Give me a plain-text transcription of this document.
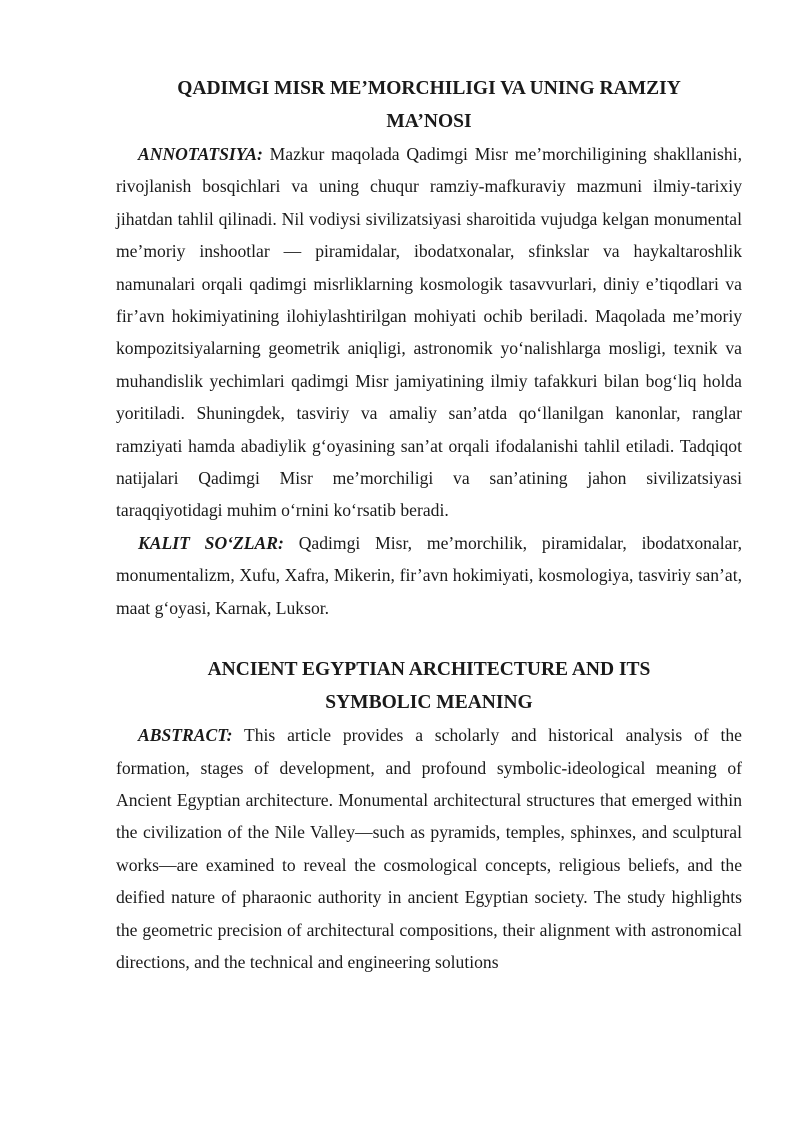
QADIMGI MISR ME’MORCHILIGI VA UNING RAMZIY
MA’NOSI

ANNOTATSIYA: Mazkur maqolada Qadimgi Misr me’morchiligining shakllanishi, rivojlanish bosqichlari va uning chuqur ramziy-mafkuraviy mazmuni ilmiy-tarixiy jihatdan tahlil qilinadi. Nil vodiysi sivilizatsiyasi sharoitida vujudga kelgan monumental me’moriy inshootlar — piramidalar, ibodatxonalar, sfinkslar va haykaltaroshlik namunalari orqali qadimgi misrliklarning kosmologik tasavvurlari, diniy e’tiqodlari va fir’avn hokimiyatining ilohiylashtirilgan mohiyati ochib beriladi. Maqolada me’moriy kompozitsiyalarning geometrik aniqligi, astronomik yo‘nalishlarga mosligi, texnik va muhandislik yechimlari qadimgi Misr jamiyatining ilmiy tafakkuri bilan bog‘liq holda yoritiladi. Shuningdek, tasviriy va amaliy san’atda qo‘llanilgan kanonlar, ranglar ramziyati hamda abadiylik g‘oyasining san’at orqali ifodalanishi tahlil etiladi. Tadqiqot natijalari Qadimgi Misr me’morchiligi va san’atining jahon sivilizatsiyasi taraqqiyotidagi muhim o‘rnini ko‘rsatib beradi.

KALIT SO‘ZLAR: Qadimgi Misr, me’morchilik, piramidalar, ibodatxonalar, monumentalizm, Xufu, Xafra, Mikerin, fir’avn hokimiyati, kosmologiya, tasviriy san’at, maat g‘oyasi, Karnak, Luksor.

ANCIENT EGYPTIAN ARCHITECTURE AND ITS
SYMBOLIC MEANING

ABSTRACT: This article provides a scholarly and historical analysis of the formation, stages of development, and profound symbolic-ideological meaning of Ancient Egyptian architecture. Monumental architectural structures that emerged within the civilization of the Nile Valley—such as pyramids, temples, sphinxes, and sculptural works—are examined to reveal the cosmological concepts, religious beliefs, and the deified nature of pharaonic authority in ancient Egyptian society. The study highlights the geometric precision of architectural compositions, their alignment with astronomical directions, and the technical and engineering solutions
